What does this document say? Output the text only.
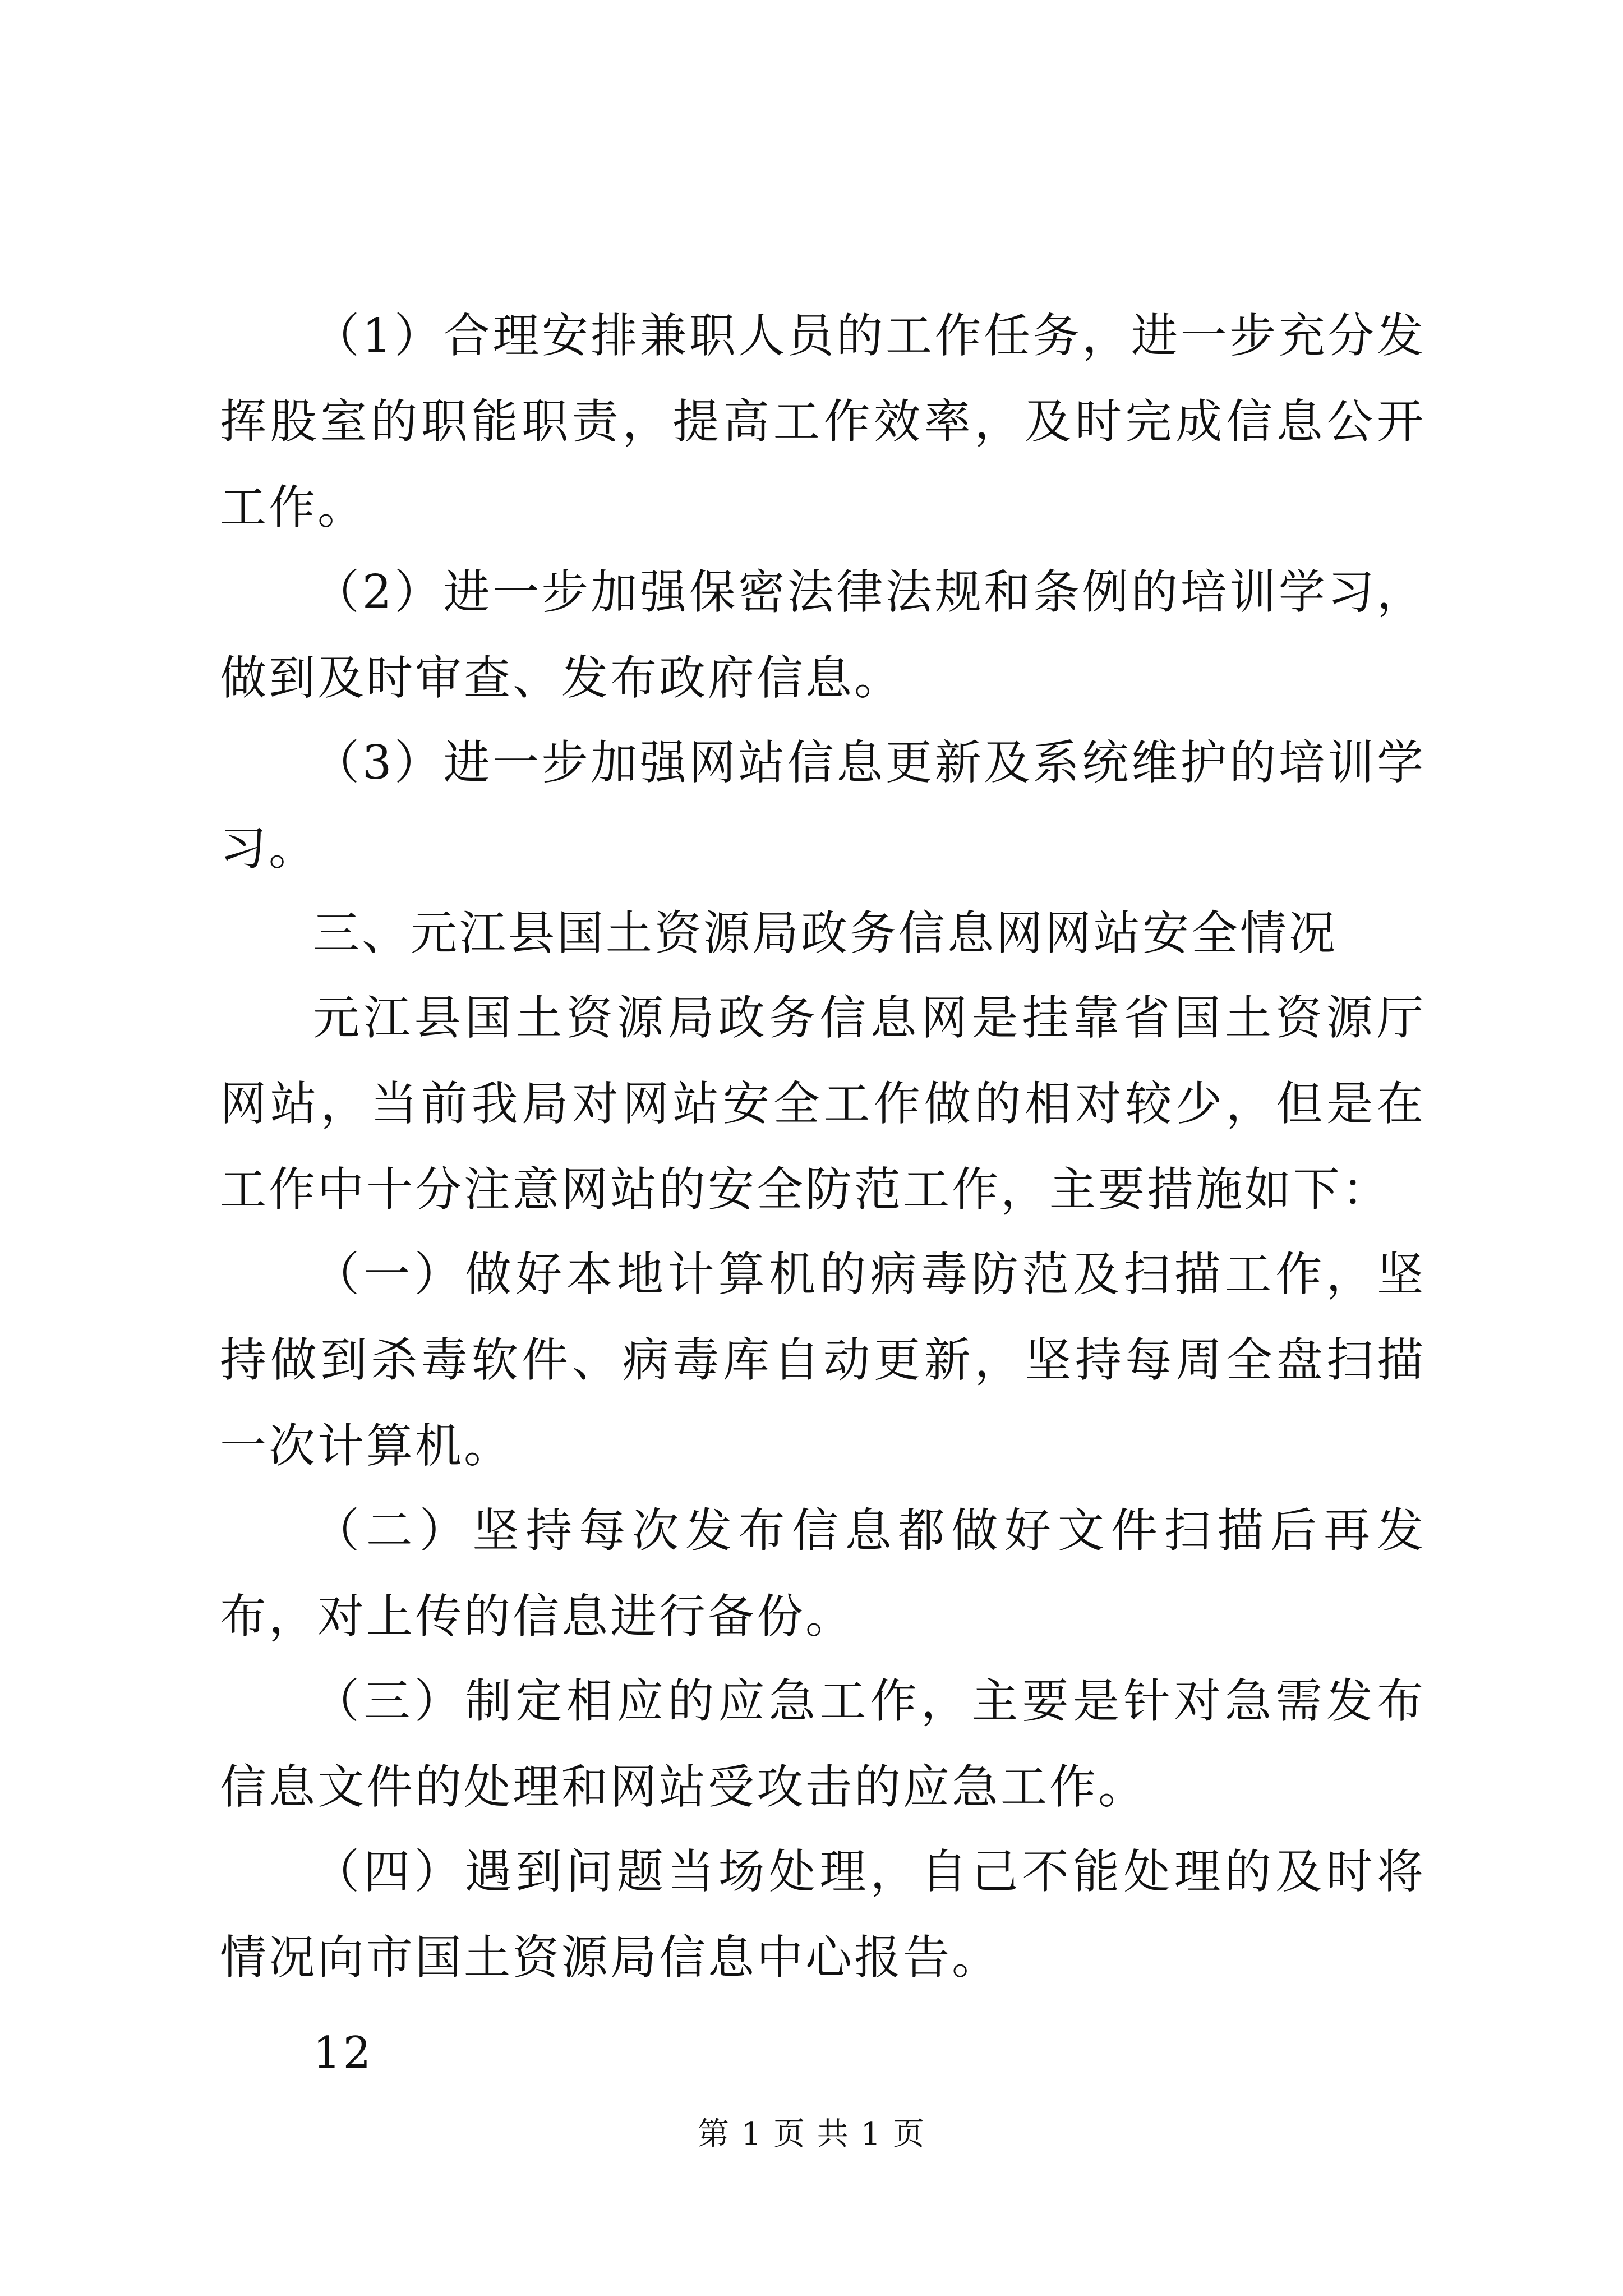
（1）合理安排兼职人员的工作任务，进一步充分发挥股室的职能职责，提高工作效率，及时完成信息公开工作。

（2）进一步加强保密法律法规和条例的培训学习，做到及时审查、发布政府信息。

（3）进一步加强网站信息更新及系统维护的培训学习。

三、元江县国土资源局政务信息网网站安全情况

元江县国土资源局政务信息网是挂靠省国土资源厅网站，当前我局对网站安全工作做的相对较少，但是在工作中十分注意网站的安全防范工作，主要措施如下：

（一）做好本地计算机的病毒防范及扫描工作，坚持做到杀毒软件、病毒库自动更新，坚持每周全盘扫描一次计算机。

（二）坚持每次发布信息都做好文件扫描后再发布，对上传的信息进行备份。

（三）制定相应的应急工作，主要是针对急需发布信息文件的处理和网站受攻击的应急工作。

（四）遇到问题当场处理，自己不能处理的及时将情况向市国土资源局信息中心报告。

12

第 1 页 共 1 页
